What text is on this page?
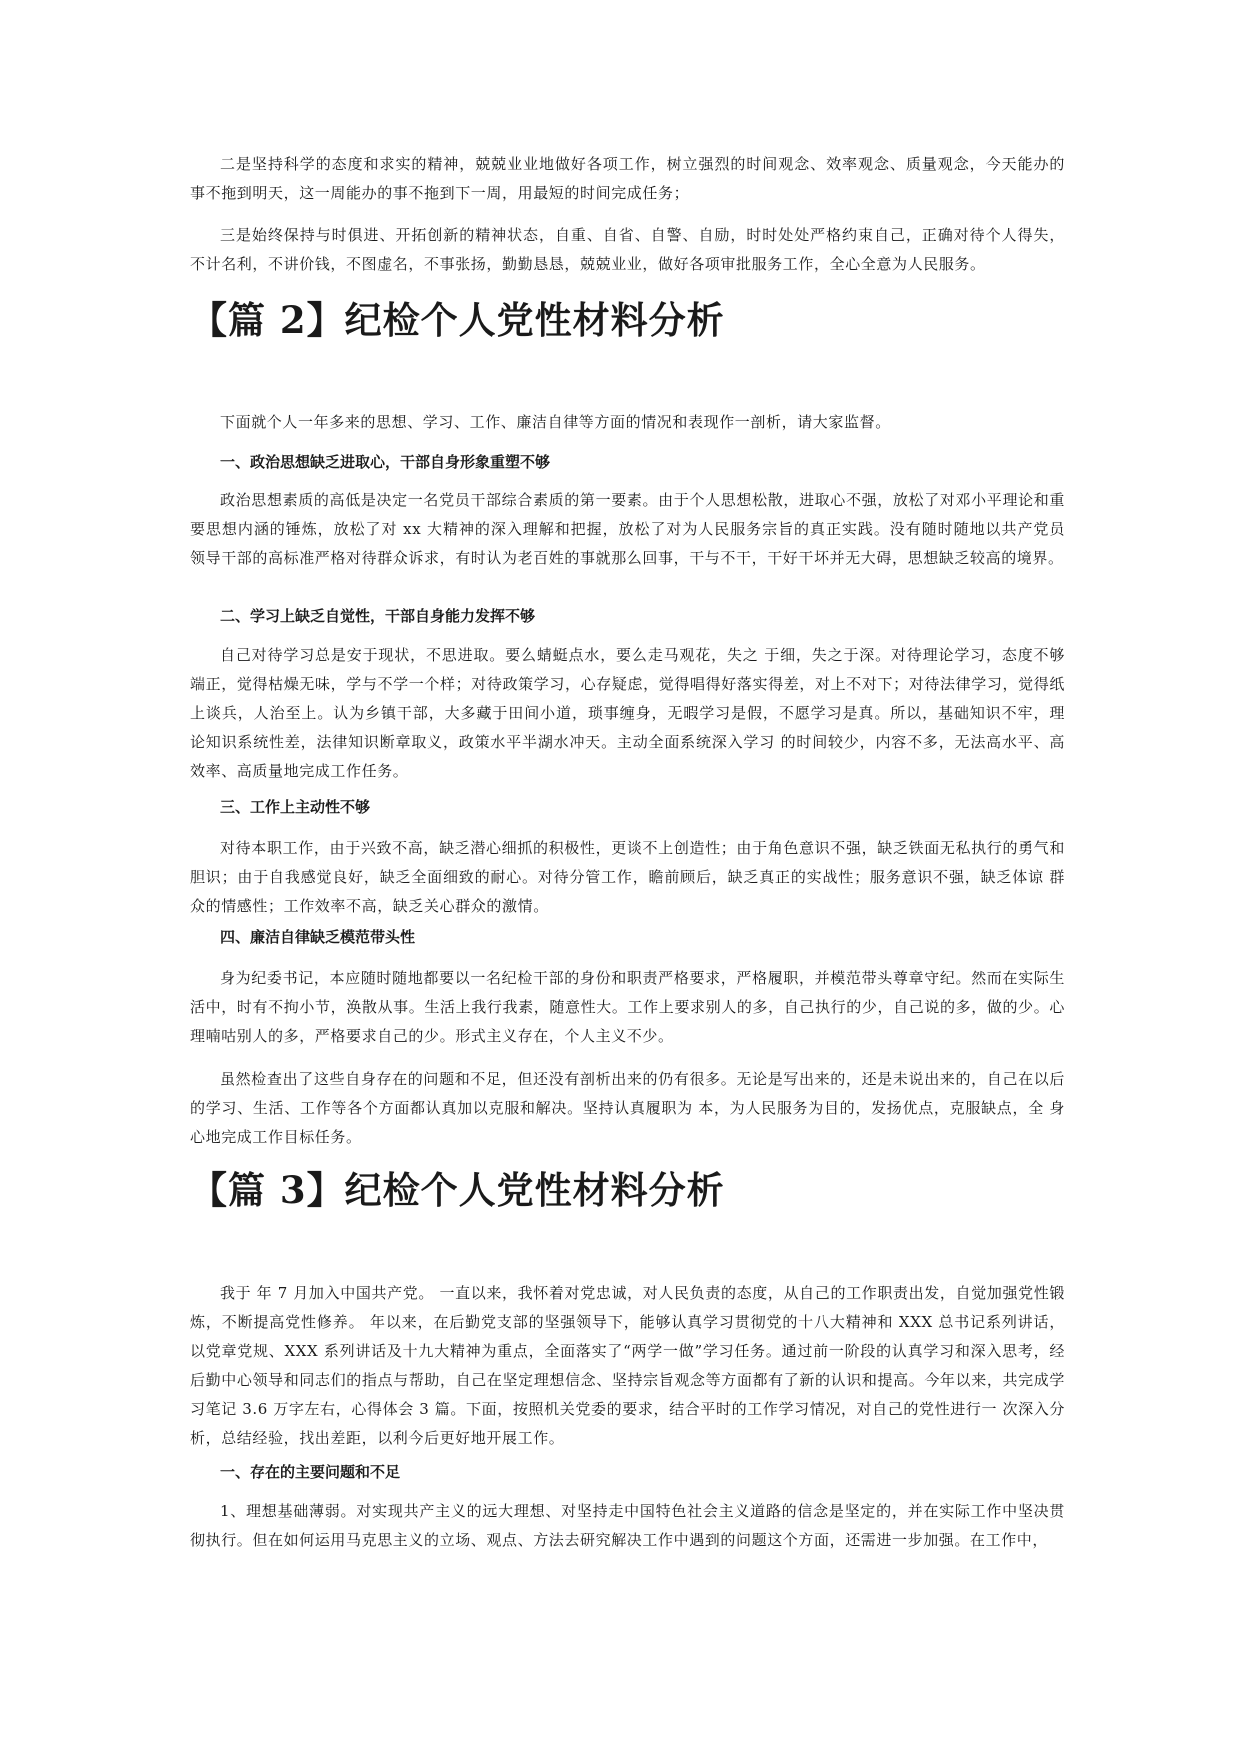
二是坚持科学的态度和求实的精神，兢兢业业地做好各项工作，树立强烈的时间观念、效率观念、质量观念，今天能办的 事不拖到明天，这一周能办的事不拖到下一周，用最短的时间完成任务；

三是始终保持与时俱进、开拓创新的精神状态，自重、自省、自警、自励，时时处处严格约束自己，正确对待个人得失， 不计名利，不讲价钱，不图虚名，不事张扬，勤勤恳恳，兢兢业业，做好各项审批服务工作，全心全意为人民服务。

【篇 2】纪检个人党性材料分析

下面就个人一年多来的思想、学习、工作、廉洁自律等方面的情况和表现作一剖析，请大家监督。

一、政治思想缺乏进取心，干部自身形象重塑不够

政治思想素质的高低是决定一名党员干部综合素质的第一要素。由于个人思想松散，进取心不强，放松了对邓小平理论和重要思想内涵的锤炼，放松了对 xx 大精神的深入理解和把握，放松了对为人民服务宗旨的真正实践。没有随时随地以共产党员 领导干部的高标准严格对待群众诉求，有时认为老百姓的事就那么回事，干与不干，干好干坏并无大碍，思想缺乏较高的境界。

二、学习上缺乏自觉性，干部自身能力发挥不够

自己对待学习总是安于现状，不思进取。要么蜻蜓点水，要么走马观花，失之 于细，失之于深。对待理论学习，态度不够端正，觉得枯燥无味，学与不学一个样；对待政策学习，心存疑虑，觉得唱得好落实得差，对上不对下；对待法律学习，觉得纸 上谈兵，人治至上。认为乡镇干部，大多藏于田间小道，琐事缠身，无暇学习是假，不愿学习是真。所以，基础知识不牢，理 论知识系统性差，法律知识断章取义，政策水平半湖水冲天。主动全面系统深入学习 的时间较少，内容不多，无法高水平、高 效率、高质量地完成工作任务。

三、工作上主动性不够

对待本职工作，由于兴致不高，缺乏潜心细抓的积极性，更谈不上创造性；由于角色意识不强，缺乏铁面无私执行的勇气和胆识；由于自我感觉良好，缺乏全面细致的耐心。对待分管工作，瞻前顾后，缺乏真正的实战性；服务意识不强，缺乏体谅 群众的情感性；工作效率不高，缺乏关心群众的激情。

四、廉洁自律缺乏模范带头性

身为纪委书记，本应随时随地都要以一名纪检干部的身份和职责严格要求，严格履职，并模范带头尊章守纪。然而在实际生活中，时有不拘小节，涣散从事。生活上我行我素，随意性大。工作上要求别人的多，自己执行的少，自己说的多，做的少。心理喃咕别人的多，严格要求自己的少。形式主义存在，个人主义不少。

虽然检查出了这些自身存在的问题和不足，但还没有剖析出来的仍有很多。无论是写出来的，还是未说出来的，自己在以后的学习、生活、工作等各个方面都认真加以克服和解决。坚持认真履职为 本，为人民服务为目的，发扬优点，克服缺点，全 身心地完成工作目标任务。

【篇 3】纪检个人党性材料分析

我于 年 7 月加入中国共产党。 一直以来，我怀着对党忠诚，对人民负责的态度，从自己的工作职责出发，自觉加强党性锻炼，不断提高党性修养。 年以来，在后勤党支部的坚强领导下，能够认真学习贯彻党的十八大精神和 XXX 总书记系列讲话，以党章党规、XXX 系列讲话及十九大精神为重点，全面落实了“两学一做”学习任务。通过前一阶段的认真学习和深入思考，经后勤中心领导和同志们的指点与帮助，自己在坚定理想信念、坚持宗旨观念等方面都有了新的认识和提高。今年以来，共完成学习笔记 3.6 万字左右，心得体会 3 篇。下面，按照机关党委的要求，结合平时的工作学习情况，对自己的党性进行一 次深入分析，总结经验，找出差距，以利今后更好地开展工作。

一、存在的主要问题和不足

1、理想基础薄弱。对实现共产主义的远大理想、对坚持走中国特色社会主义道路的信念是坚定的，并在实际工作中坚决贯 彻执行。但在如何运用马克思主义的立场、观点、方法去研究解决工作中遇到的问题这个方面，还需进一步加强。在工作中，
